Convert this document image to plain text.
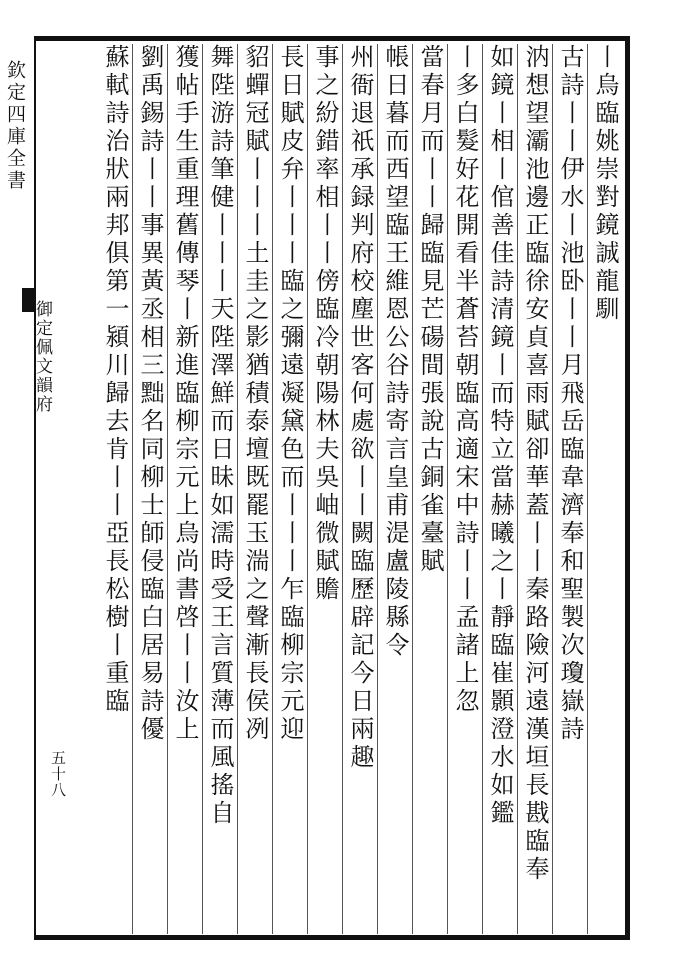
欽定四庫全書
御定佩文韻府
五十八
丨烏臨姚崇對鏡誠龍馴
古詩丨丨伊水丨池卧丨丨月飛岳臨韋濟奉和聖製次瓊嶽詩
汭想望灞池邊正臨徐安貞喜雨賦卻華蓋丨丨秦路險河遠漢垣長戡臨奉
如鏡丨相丨倌善佳詩清鏡丨而特立當赫曦之丨靜臨崔顥澄水如鑑
丨多白髮好花開看半蒼苔朝臨高適宋中詩丨丨孟諸上忽
當春月而丨丨歸臨見芒碭間張說古銅雀臺賦
帳日暮而西望臨王維恩公谷詩寄言皇甫湜盧陵縣令
州衙退祇承録判府校塵世客何處欲丨丨闕臨歷辟記今日兩趣
事之紛錯率相丨丨傍臨冷朝陽林夫吳岫微賦贍
長日賦皮弁丨丨丨臨之彌遠凝黛色而丨丨丨乍臨柳宗元迎
貂蟬冠賦丨丨丨土圭之影猶積泰壇既罷玉湍之聲漸長侯冽
舞陛游詩筆健丨丨丨天陛澤鮮而日昧如濡時受王言質薄而風搖自
獲帖手生重理舊傳琴丨新進臨柳宗元上烏尚書啓丨丨汝上
劉禹錫詩丨丨事異黃丞相三黜名同柳士師侵臨白居易詩優
蘇軾詩治狀兩邦俱第一潁川歸去肯丨丨亞長松樹丨重臨
